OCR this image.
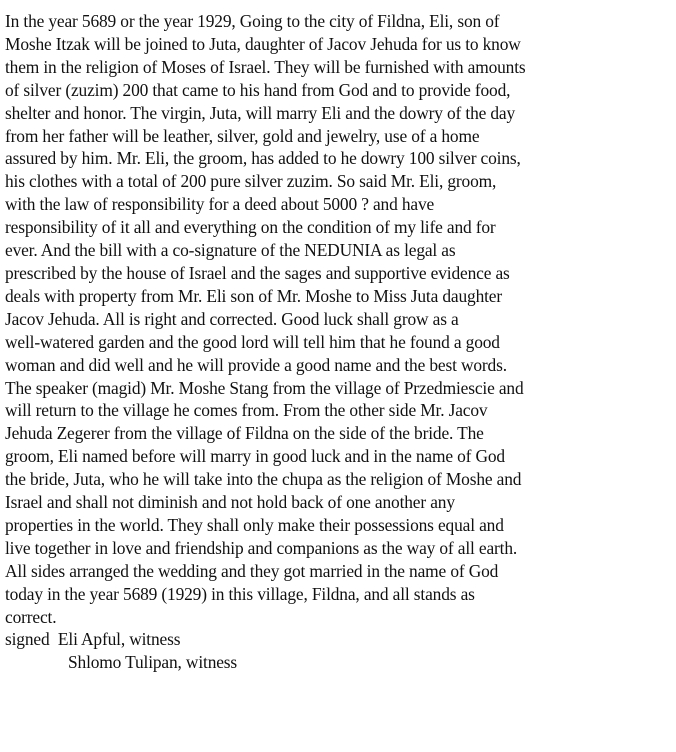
In the year 5689 or the year 1929, Going to the city of Fildna, Eli, son of
Moshe Itzak will be joined to Juta, daughter of Jacov Jehuda for us to know
them in the religion of Moses of Israel. They will be furnished with amounts
of silver (zuzim) 200 that came to his hand from God and to provide food,
shelter and honor. The virgin, Juta, will marry Eli and the dowry of the day
from her father will be leather, silver, gold and jewelry, use of a home
assured by him. Mr. Eli, the groom, has added to he dowry 100 silver coins,
his clothes with a total of 200 pure silver zuzim. So said Mr. Eli, groom,
with the law of responsibility for a deed about 5000 ? and have
responsibility of it all and everything on the condition of my life and for
ever. And the bill with a co-signature of the NEDUNIA as legal as
prescribed by the house of Israel and the sages and supportive evidence as
deals with property from Mr. Eli son of Mr. Moshe to Miss Juta daughter
Jacov Jehuda. All is right and corrected. Good luck shall grow as a
well-watered garden and the good lord will tell him that he found a good
woman and did well and he will provide a good name and the best words.
The speaker (magid) Mr. Moshe Stang from the village of Przedmiescie and
will return to the village he comes from. From the other side Mr. Jacov
Jehuda Zegerer from the village of Fildna on the side of the bride. The
groom, Eli named before will marry in good luck and in the name of God
the bride, Juta, who he will take into the chupa as the religion of Moshe and
Israel and shall not diminish and not hold back of one another any
properties in the world. They shall only make their possessions equal and
live together in love and friendship and companions as the way of all earth.
All sides arranged the wedding and they got married in the name of God
today in the year 5689 (1929) in this village, Fildna, and all stands as
correct.
signed Eli Apful, witness
Shlomo Tulipan, witness
